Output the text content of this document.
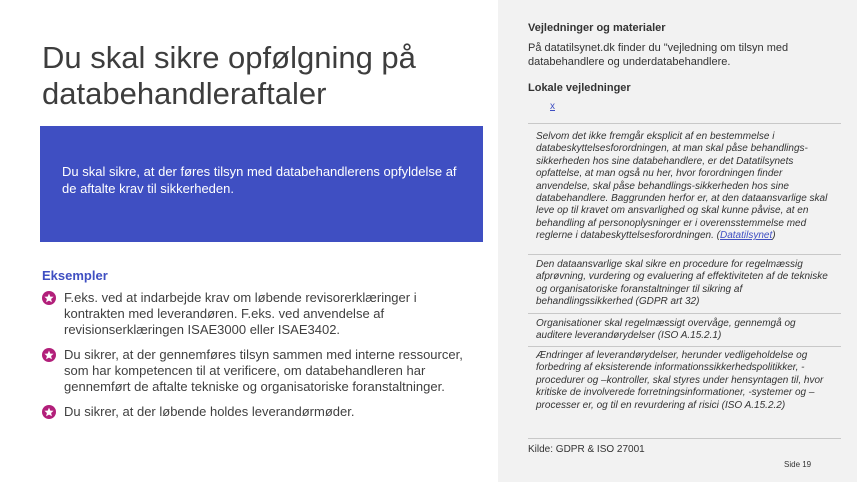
Du skal sikre opfølgning på databehandleraftaler
Du skal sikre, at der føres tilsyn med databehandlerens opfyldelse af de aftalte krav til sikkerheden.
Eksempler
F.eks. ved at indarbejde krav om løbende revisorerklæringer i kontrakten med leverandøren. F.eks. ved anvendelse af revisionserklæringen ISAE3000 eller ISAE3402.
Du sikrer, at der gennemføres tilsyn sammen med interne ressourcer, som har kompetencen til at verificere, om databehandleren har gennemført de aftalte tekniske og organisatoriske foranstaltninger.
Du sikrer, at der løbende holdes leverandørmøder.
Vejledninger og materialer
På datatilsynet.dk finder du "vejledning om tilsyn med databehandlere og underdatabehandlere.
Lokale vejledninger
x
Selvom det ikke fremgår eksplicit af en bestemmelse i databeskyttelsesforordningen, at man skal påse behandlings-sikkerheden hos sine databehandlere, er det Datatilsynets opfattelse, at man også nu her, hvor forordningen finder anvendelse, skal påse behandlings-sikkerheden hos sine databehandlere. Baggrunden herfor er, at den dataansvarlige skal leve op til kravet om ansvarlighed og skal kunne påvise, at en behandling af personoplysninger er i overensstemmelse med reglerne i databeskyttelsesforordningen. (Datatilsynet)
Den dataansvarlige skal sikre en procedure for regelmæssig afprøvning, vurdering og evaluering af effektiviteten af de tekniske og organisatoriske foranstaltninger til sikring af behandlingssikkerhed (GDPR art 32)
Organisationer skal regelmæssigt overvåge, gennemgå og auditere leverandørydelser (ISO A.15.2.1)
Ændringer af leverandørydelser, herunder vedligeholdelse og forbedring af eksisterende informationssikkerhedspolitikker, -procedurer og –kontroller, skal styres under hensyntagen til, hvor kritiske de involverede forretningsinformationer, -systemer og –processer er, og til en revurdering af risici (ISO A.15.2.2)
Kilde: GDPR & ISO 27001
Side 19
